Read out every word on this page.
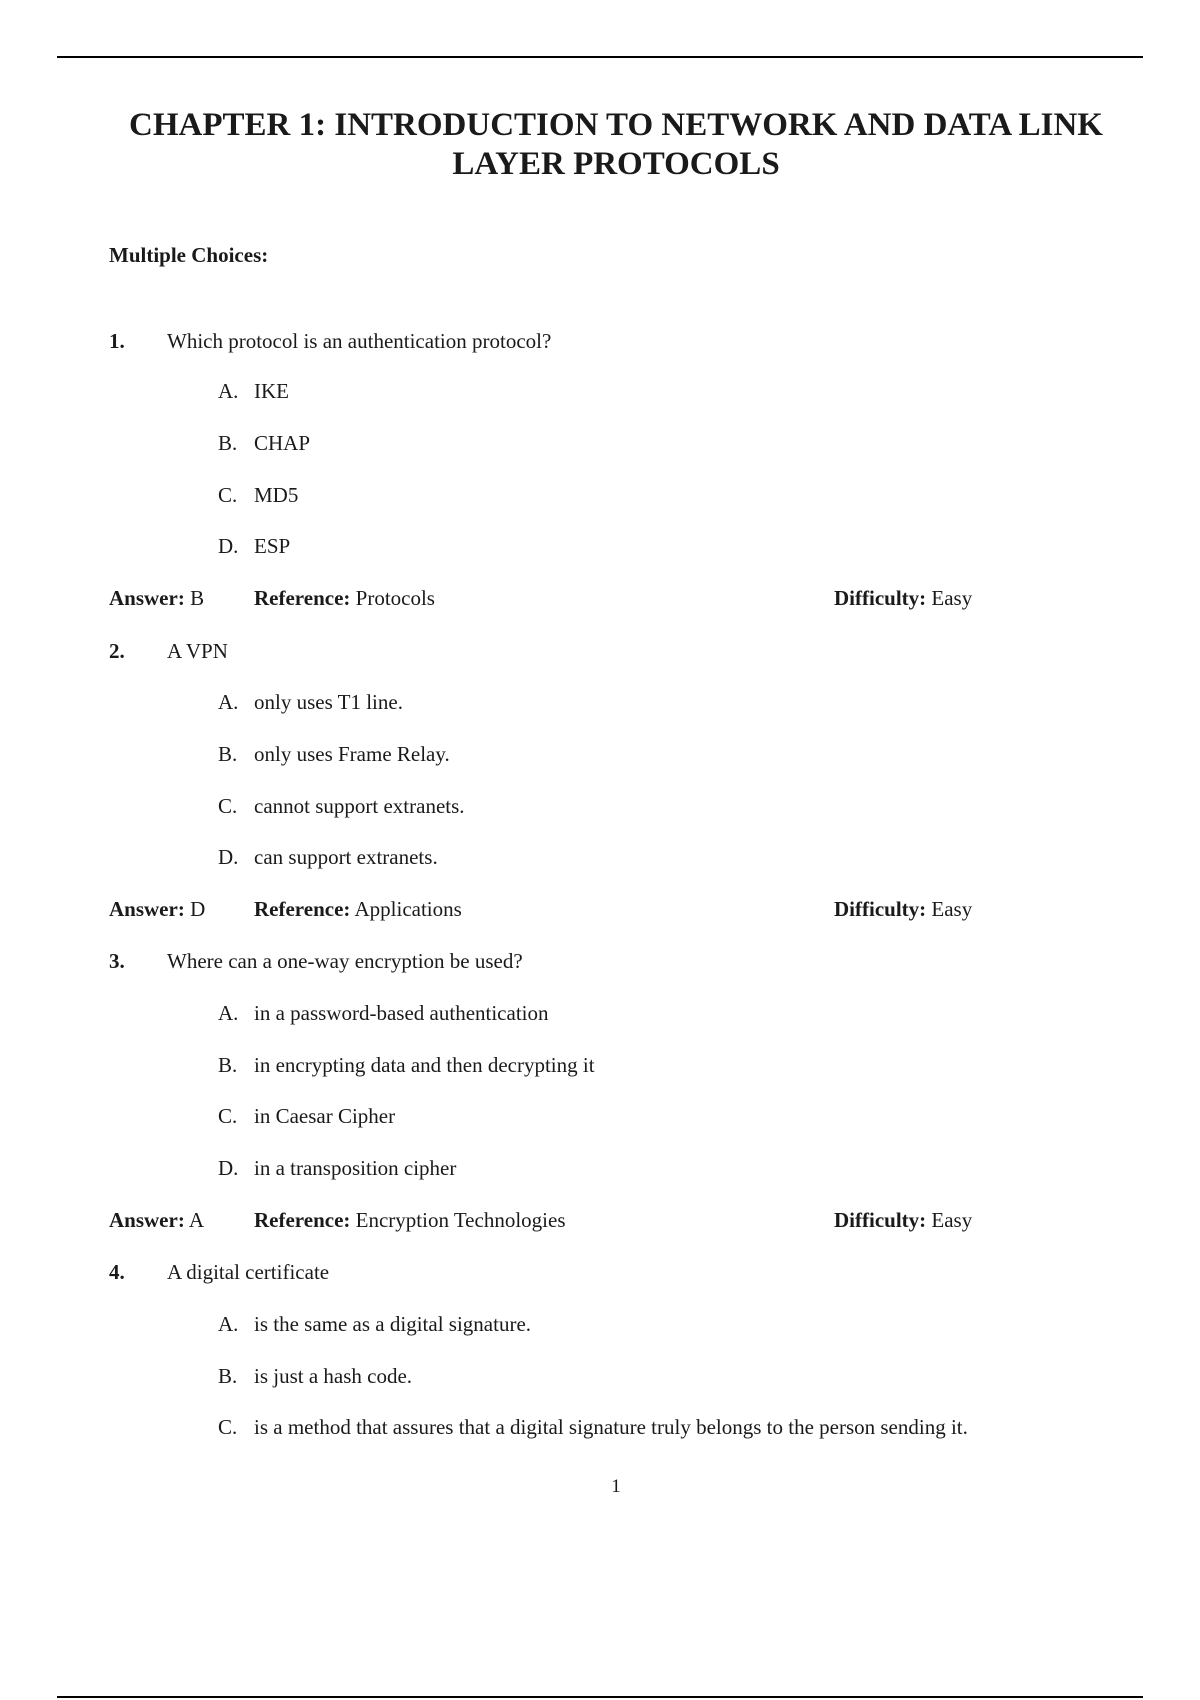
CHAPTER 1: INTRODUCTION TO NETWORK AND DATA LINK
LAYER PROTOCOLS
Multiple Choices:
1. Which protocol is an authentication protocol?
A. IKE
B. CHAP
C. MD5
D. ESP
Answer: B Reference: Protocols	Difficulty: Easy
2. A VPN
A. only uses T1 line.
B. only uses Frame Relay.
C. cannot support extranets.
D. can support extranets.
Answer: D Reference: Applications	Difficulty: Easy
3. Where can a one-way encryption be used?
A. in a password-based authentication
B. in encrypting data and then decrypting it
C. in Caesar Cipher
D. in a transposition cipher
Answer: A Reference: Encryption Technologies	Difficulty: Easy
4. A digital certificate
A. is the same as a digital signature.
B. is just a hash code.
C. is a method that assures that a digital signature truly belongs to the person sending it.
1
